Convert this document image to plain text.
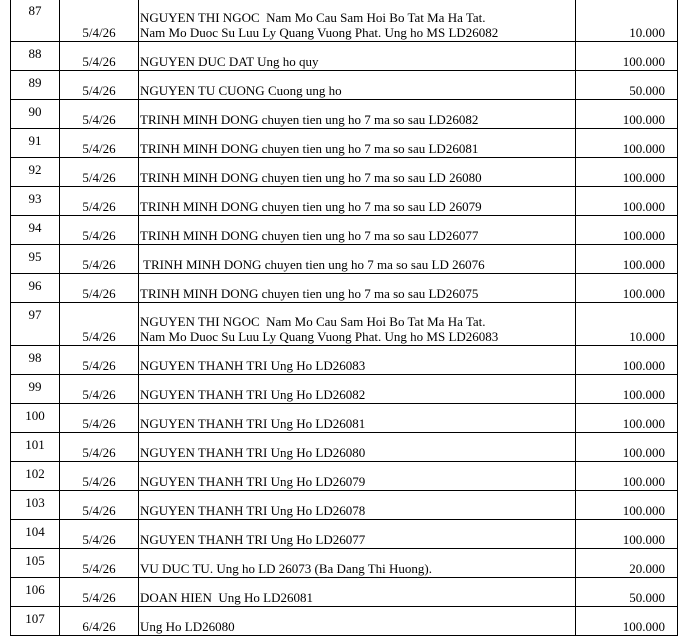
87	5/4/26	NGUYEN THI NGOC  Nam Mo Cau Sam Hoi Bo Tat Ma Ha Tat.
Nam Mo Duoc Su Luu Ly Quang Vuong Phat. Ung ho MS LD26082	10.000
88	5/4/26	NGUYEN DUC DAT Ung ho quy	100.000
89	5/4/26	NGUYEN TU CUONG Cuong ung ho	50.000
90	5/4/26	TRINH MINH DONG chuyen tien ung ho 7 ma so sau LD26082	100.000
91	5/4/26	TRINH MINH DONG chuyen tien ung ho 7 ma so sau LD26081	100.000
92	5/4/26	TRINH MINH DONG chuyen tien ung ho 7 ma so sau LD 26080	100.000
93	5/4/26	TRINH MINH DONG chuyen tien ung ho 7 ma so sau LD 26079	100.000
94	5/4/26	TRINH MINH DONG chuyen tien ung ho 7 ma so sau LD26077	100.000
95	5/4/26	TRINH MINH DONG chuyen tien ung ho 7 ma so sau LD 26076	100.000
96	5/4/26	TRINH MINH DONG chuyen tien ung ho 7 ma so sau LD26075	100.000
97	5/4/26	NGUYEN THI NGOC  Nam Mo Cau Sam Hoi Bo Tat Ma Ha Tat.
Nam Mo Duoc Su Luu Ly Quang Vuong Phat. Ung ho MS LD26083	10.000
98	5/4/26	NGUYEN THANH TRI Ung Ho LD26083	100.000
99	5/4/26	NGUYEN THANH TRI Ung Ho LD26082	100.000
100	5/4/26	NGUYEN THANH TRI Ung Ho LD26081	100.000
101	5/4/26	NGUYEN THANH TRI Ung Ho LD26080	100.000
102	5/4/26	NGUYEN THANH TRI Ung Ho LD26079	100.000
103	5/4/26	NGUYEN THANH TRI Ung Ho LD26078	100.000
104	5/4/26	NGUYEN THANH TRI Ung Ho LD26077	100.000
105	5/4/26	VU DUC TU. Ung ho LD 26073 (Ba Dang Thi Huong).	20.000
106	5/4/26	DOAN HIEN  Ung Ho LD26081	50.000
107	6/4/26	Ung Ho LD26080	100.000
